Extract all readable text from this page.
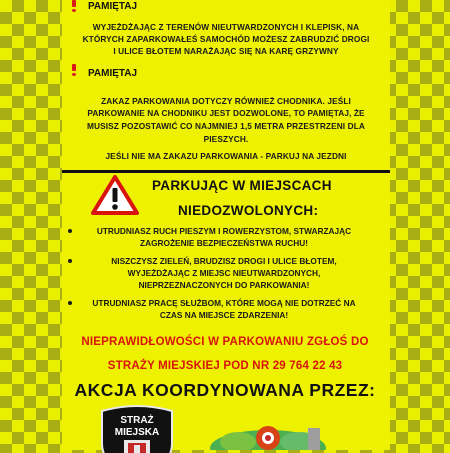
PAMIĘTAJ
WYJEŻDŻAJĄC Z TERENÓW NIEUTWARDZONYCH I KLEPISK, NA
KTÓRYCH ZAPARKOWAŁEŚ SAMOCHÓD MOŻESZ ZABRUDZIĆ DROGI
I ULICE BŁOTEM NARAŻAJĄC SIĘ NA KARĘ GRZYWNY
PAMIĘTAJ
ZAKAZ PARKOWANIA DOTYCZY RÓWNIEŻ CHODNIKA. JEŚLI
PARKOWANIE NA CHODNIKU JEST DOZWOLONE, TO PAMIĘTAJ, ŻE
MUSISZ POZOSTAWIĆ CO NAJMNIEJ 1,5 METRA PRZESTRZENI DLA
PIESZYCH.
JEŚLI NIE MA ZAKAZU PARKOWANIA - PARKUJ NA JEZDNI
PARKUJĄC W MIEJSCACH
NIEDOZWOLONYCH:
UTRUDNIASZ RUCH PIESZYM I ROWERZYSTOM, STWARZAJĄC ZAGROŻENIE BEZPIECZEŃSTWA RUCHU!
NISZCZYSZ ZIELEŃ, BRUDZISZ DROGI I ULICE BŁOTEM, WYJEŻDŻAJĄC Z MIEJSC NIEUTWARDZONYCH, NIEPRZEZNACZONYCH DO PARKOWANIA!
UTRUDNIASZ PRACĘ SŁUŻBOM, KTÓRE MOGĄ NIE DOTRZEĆ NA CZAS NA MIEJSCE ZDARZENIA!
NIEPRAWIDŁOWOŚCI W PARKOWANIU ZGŁOŚ DO
STRAŻY MIEJSKIEJ POD NR 29 764 22 43
AKCJA KOORDYNOWANA PRZEZ:
STRAŻ
MIEJSKA
